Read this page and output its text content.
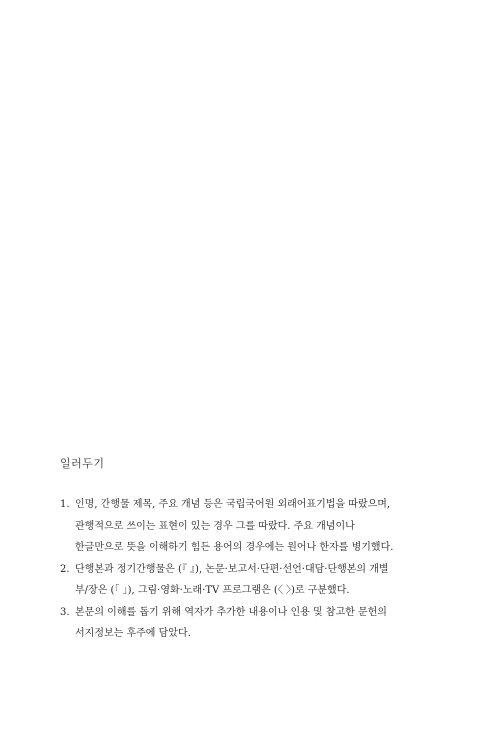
일러두기
1. 인명, 간행물 제목, 주요 개념 등은 국립국어원 외래어표기법을 따랐으며,
관행적으로 쓰이는 표현이 있는 경우 그를 따랐다. 주요 개념이나
한글만으로 뜻을 이해하기 힘든 용어의 경우에는 원어나 한자를 병기했다.
2. 단행본과 정기간행물은 (『 』), 논문·보고서·단편·선언·대담·단행본의 개별
부/장은 (「 」), 그림·영화·노래·TV 프로그램은 (〈 〉)로 구분했다.
3. 본문의 이해를 돕기 위해 역자가 추가한 내용이나 인용 및 참고한 문헌의
서지정보는 후주에 담았다.
